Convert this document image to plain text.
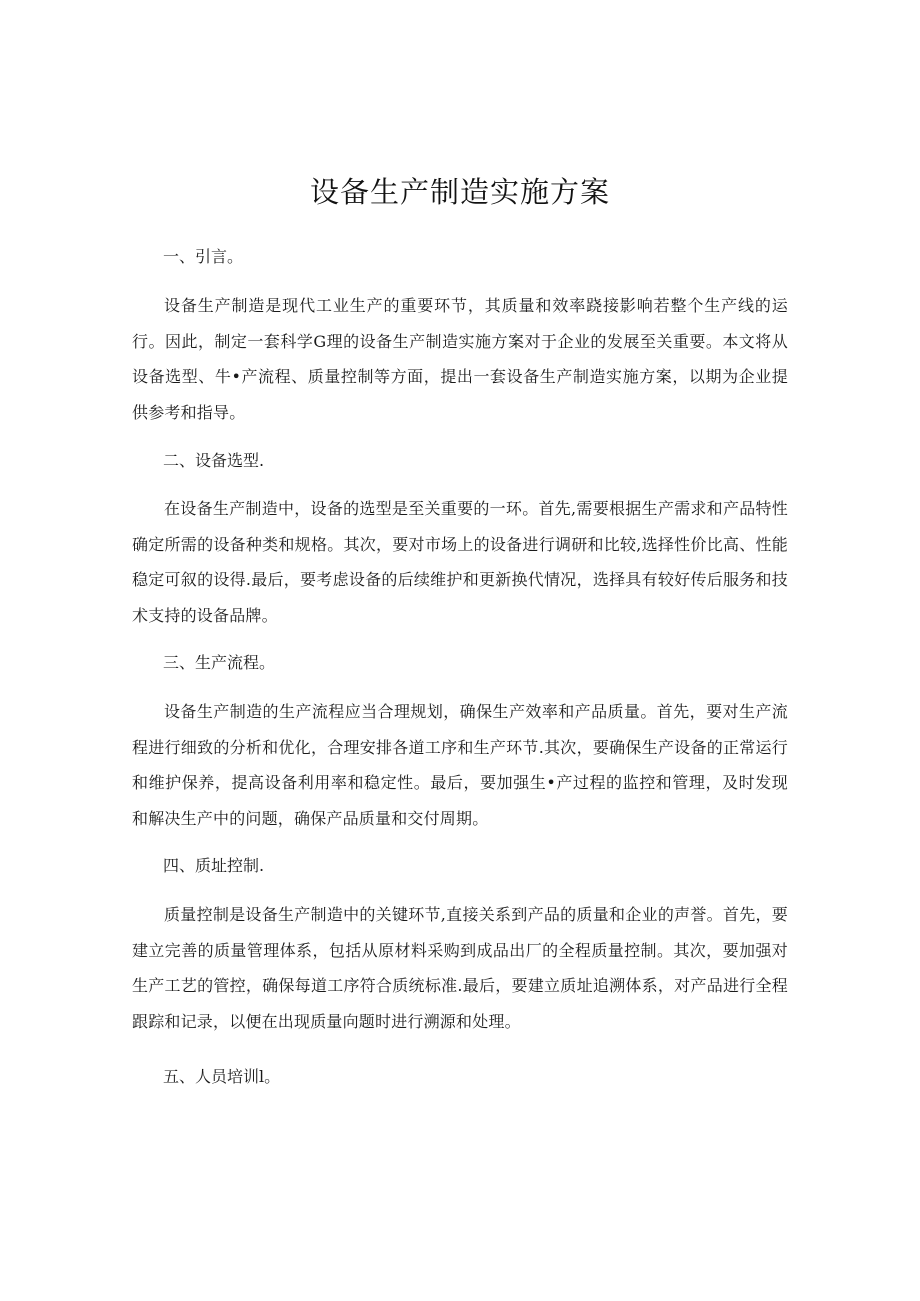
设备生产制造实施方案
一、引言。

设备生产制造是现代工业生产的重要环节，其质量和效率跷接影响若整个生产线的运行。因此，制定一套科学G理的设备生产制造实施方案对于企业的发展至关重要。本文将从设备选型、牛•产流程、质量控制等方面，提出一套设备生产制造实施方案，以期为企业提供参考和指导。

二、设备选型.

在设备生产制造中，设备的选型是至关重要的一环。首先,需要根据生产需求和产品特性确定所需的设备种类和规格。其次，要对市场上的设备进行调研和比较,选择性价比高、性能稳定可叙的设得.最后，要考虑设备的后续维护和更新换代情况，选择具有较好传后服务和技术支持的设备品牌。

三、生产流程。

设备生产制造的生产流程应当合理规划，确保生产效率和产品质量。首先，要对生产流程进行细致的分析和优化，合理安排各道工序和生产环节.其次，要确保生产设备的正常运行和维护保养，提高设备利用率和稳定性。最后，要加强生•产过程的监控和管理，及时发现和解决生产中的问题，确保产品质量和交付周期。

四、质址控制.

质量控制是设备生产制造中的关键环节,直接关系到产品的质量和企业的声誉。首先，要建立完善的质量管理体系，包括从原材料采购到成品出厂的全程质量控制。其次，要加强对生产工艺的管控，确保每道工序符合质统标准.最后，要建立质址追溯体系，对产品进行全程跟踪和记录，以便在出现质量向题时进行溯源和处理。

五、人员培训l。
